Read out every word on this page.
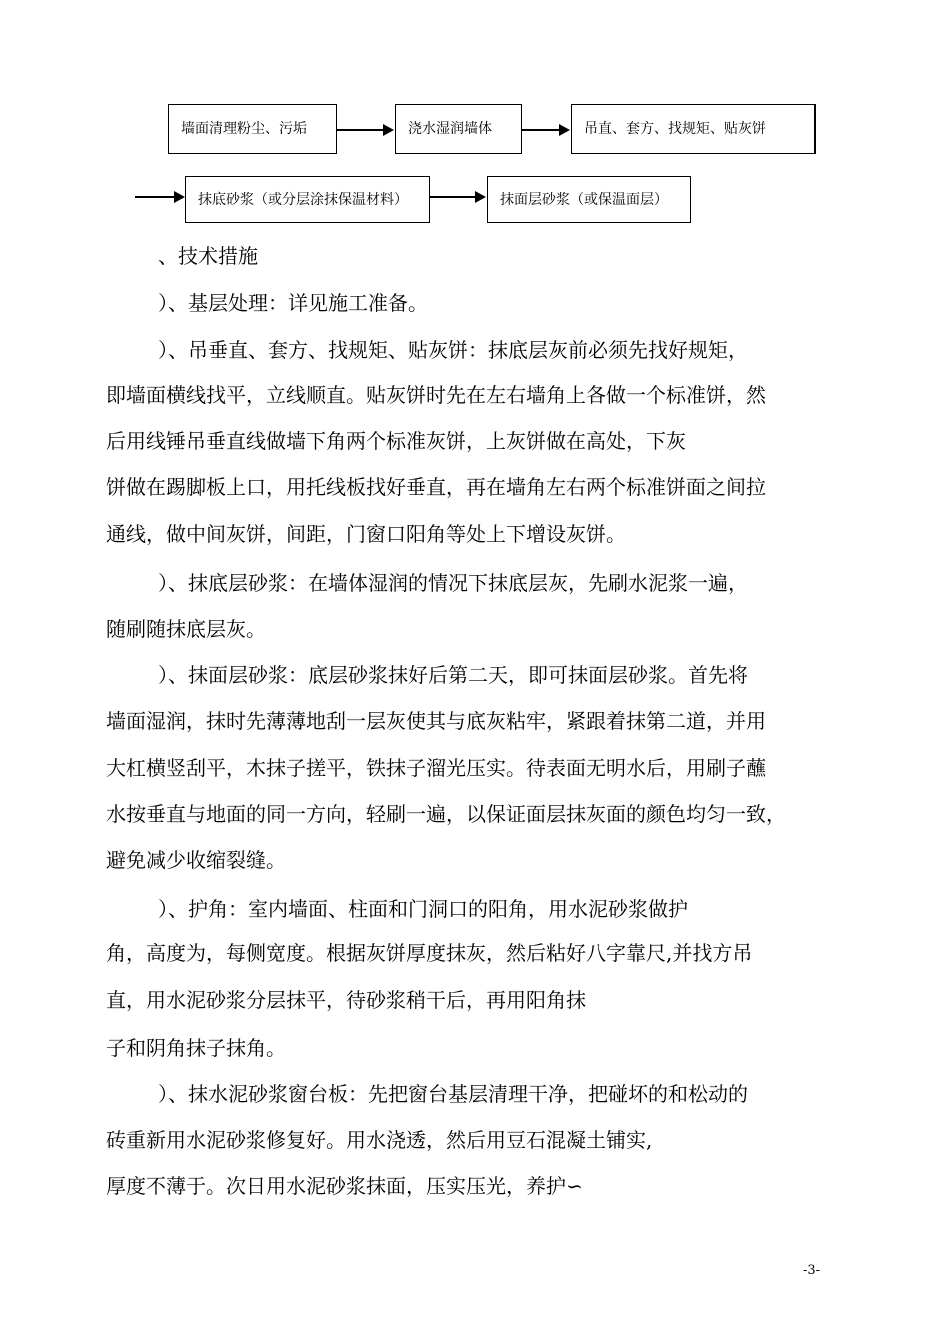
墙面清理粉尘、污垢	浇水湿润墙体	吊直、套方、找规矩、贴灰饼
抹底砂浆（或分层涂抹保温材料）	抹面层砂浆（或保温面层）
、技术措施
）、基层处理：详见施工准备。
）、吊垂直、套方、找规矩、贴灰饼：抹底层灰前必须先找好规矩，
即墙面横线找平，立线顺直。贴灰饼时先在左右墙角上各做一个标准饼，然
后用线锤吊垂直线做墙下角两个标准灰饼，上灰饼做在高处，下灰
饼做在踢脚板上口，用托线板找好垂直，再在墙角左右两个标准饼面之间拉
通线，做中间灰饼，间距，门窗口阳角等处上下增设灰饼。
）、抹底层砂浆：在墙体湿润的情况下抹底层灰，先刷水泥浆一遍，
随刷随抹底层灰。
）、抹面层砂浆：底层砂浆抹好后第二天，即可抹面层砂浆。首先将
墙面湿润，抹时先薄薄地刮一层灰使其与底灰粘牢，紧跟着抹第二道，并用
大杠横竖刮平，木抹子搓平，铁抹子溜光压实。待表面无明水后，用刷子蘸
水按垂直与地面的同一方向，轻刷一遍，以保证面层抹灰面的颜色均匀一致，
避免减少收缩裂缝。
）、护角：室内墙面、柱面和门洞口的阳角，用水泥砂浆做护
角，高度为，每侧宽度。根据灰饼厚度抹灰，然后粘好八字靠尺,并找方吊
直，用水泥砂浆分层抹平，待砂浆稍干后，再用阳角抹
子和阴角抹子抹角。
）、抹水泥砂浆窗台板：先把窗台基层清理干净，把碰坏的和松动的
砖重新用水泥砂浆修复好。用水浇透，然后用豆石混凝土铺实,
厚度不薄于。次日用水泥砂浆抹面，压实压光，养护∽
-3-
